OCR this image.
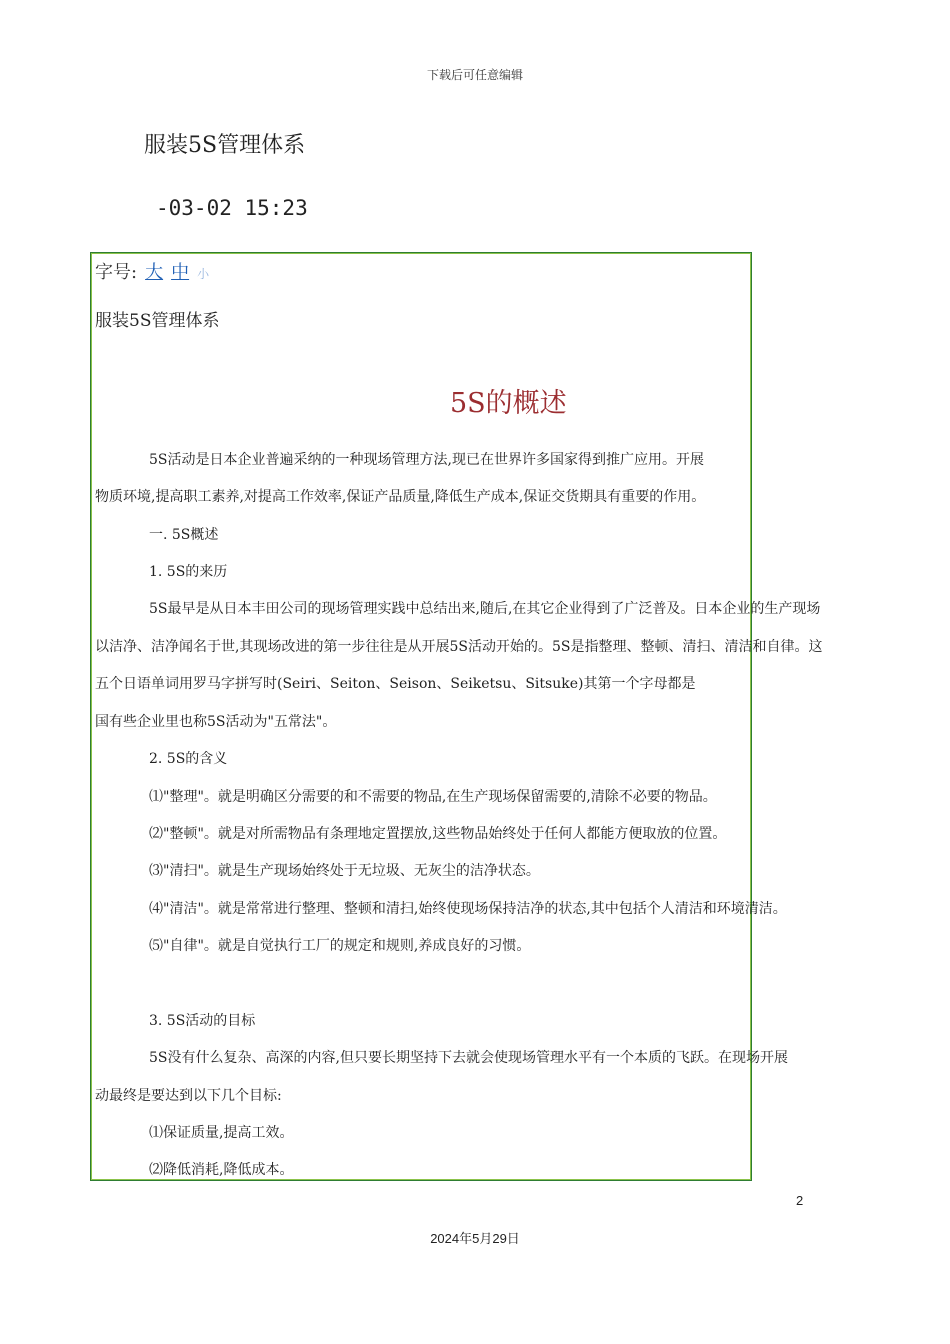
下载后可任意编辑
服装5S管理体系
-03-02 15:23
字号: 大 中 小
服装5S管理体系
5S的概述
5S活动是日本企业普遍采纳的一种现场管理方法,现已在世界许多国家得到推广应用。开展
物质环境,提高职工素养,对提高工作效率,保证产品质量,降低生产成本,保证交货期具有重要的作用。
一. 5S概述
1. 5S的来历
5S最早是从日本丰田公司的现场管理实践中总结出来,随后,在其它企业得到了广泛普及。日本企业的生产现场
以洁净、洁净闻名于世,其现场改进的第一步往往是从开展5S活动开始的。5S是指整理、整顿、清扫、清洁和自律。这
五个日语单词用罗马字拼写时(Seiri、Seiton、Seison、Seiketsu、Sitsuke)其第一个字母都是
国有些企业里也称5S活动为"五常法"。
2. 5S的含义
⑴"整理"。就是明确区分需要的和不需要的物品,在生产现场保留需要的,清除不必要的物品。
⑵"整顿"。就是对所需物品有条理地定置摆放,这些物品始终处于任何人都能方便取放的位置。
⑶"清扫"。就是生产现场始终处于无垃圾、无灰尘的洁净状态。
⑷"清洁"。就是常常进行整理、整顿和清扫,始终使现场保持洁净的状态,其中包括个人清洁和环境清洁。
⑸"自律"。就是自觉执行工厂的规定和规则,养成良好的习惯。
3. 5S活动的目标
5S没有什么复杂、高深的内容,但只要长期坚持下去就会使现场管理水平有一个本质的飞跃。在现场开展
动最终是要达到以下几个目标:
⑴保证质量,提高工效。
⑵降低消耗,降低成本。
2
2024年5月29日
